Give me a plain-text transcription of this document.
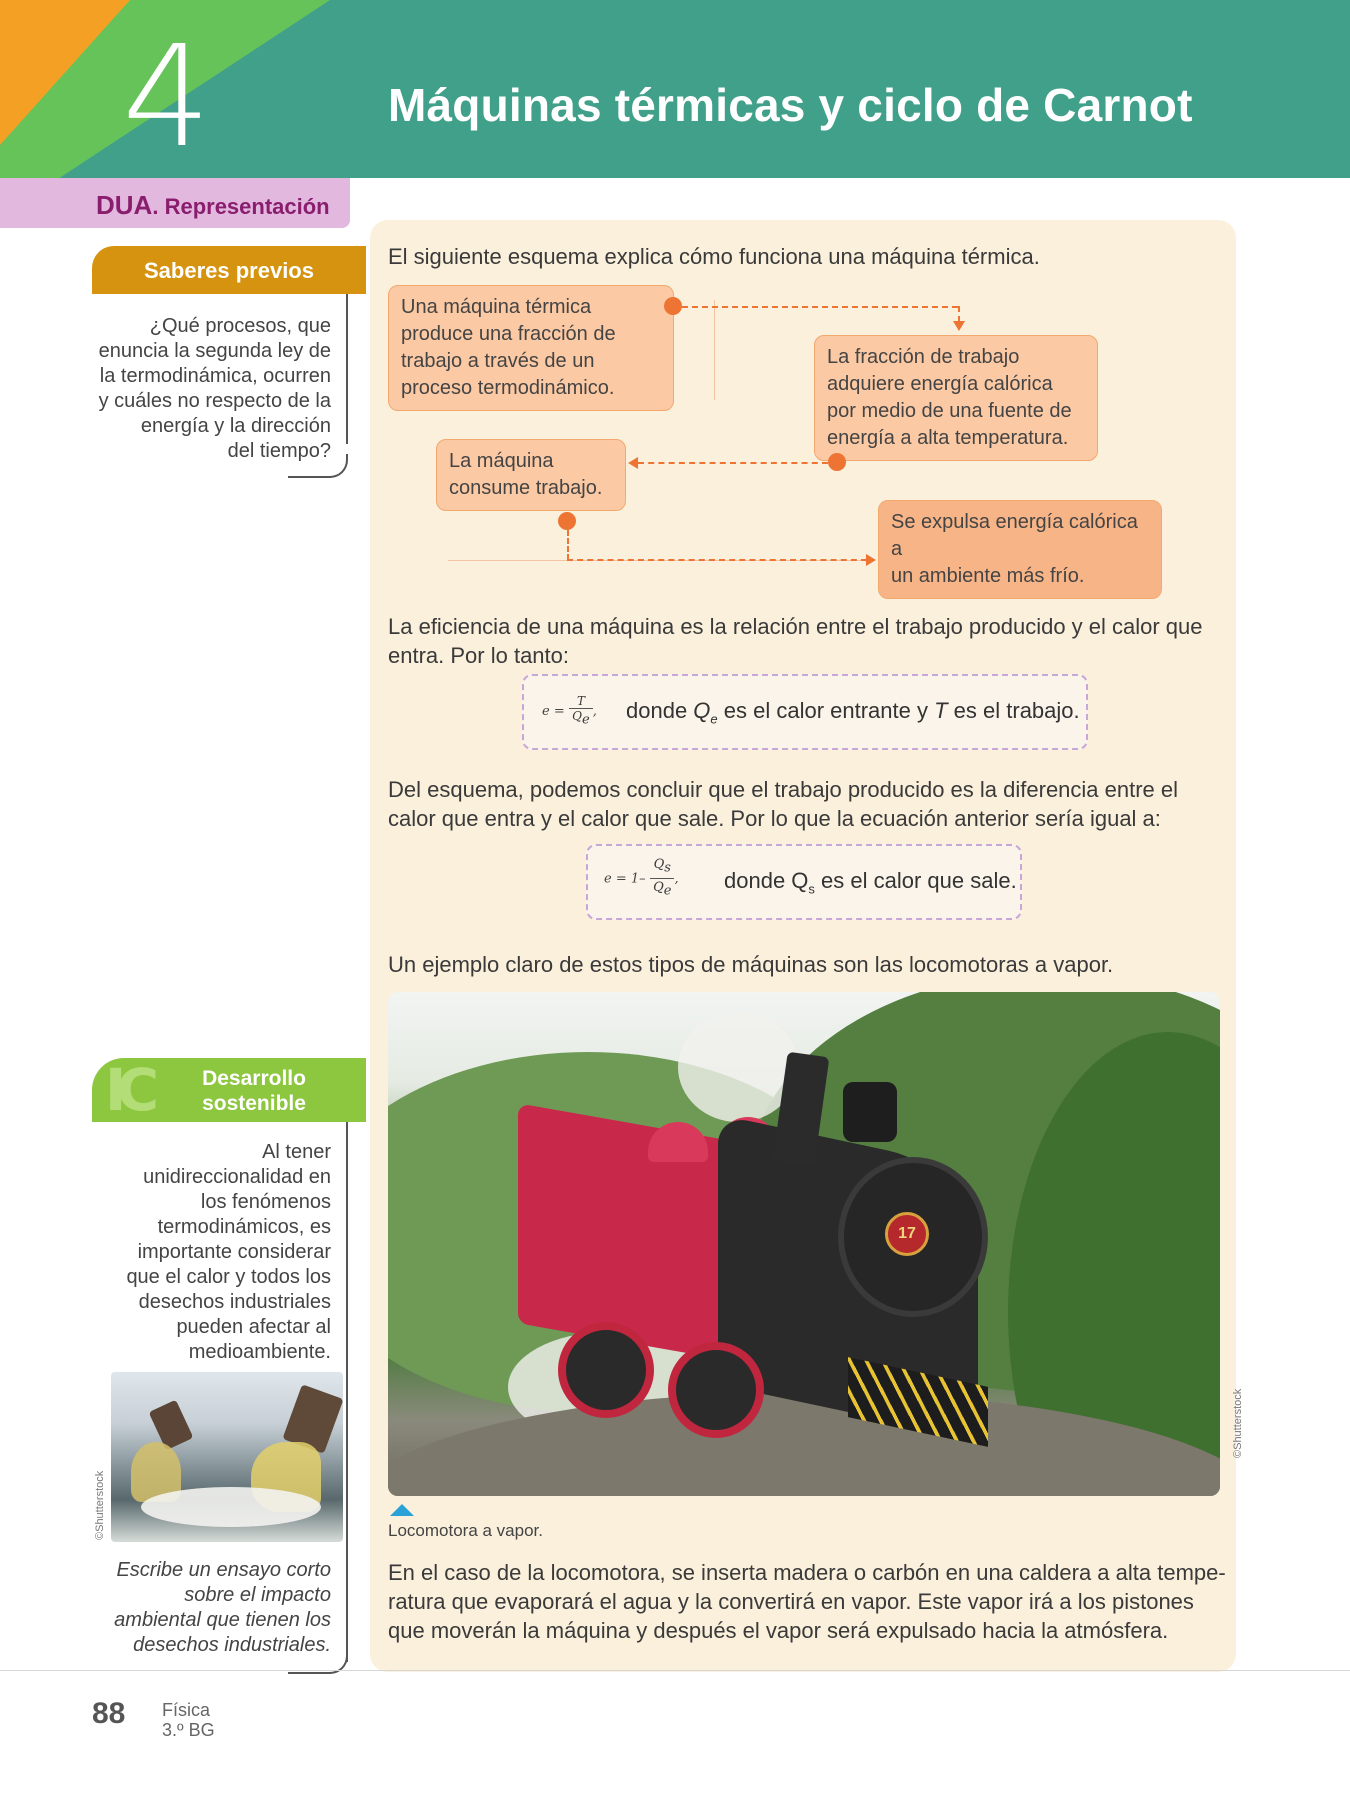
4	Máquinas térmicas y ciclo de Carnot
DUA. Representación
Saberes previos
¿Qué procesos, que
enuncia la segunda ley de
la termodinámica, ocurren
y cuáles no respecto de la
energía y la dirección
del tiempo?
IC	Desarrollo
sostenible
Al tener
unidireccionalidad en
los fenómenos
termodinámicos, es
importante considerar
que el calor y todos los
desechos industriales
pueden afectar al
medioambiente.
©Shutterstock
Escribe un ensayo corto
sobre el impacto
ambiental que tienen los
desechos industriales.
El siguiente esquema explica cómo funciona una máquina térmica.
Una máquina térmica
produce una fracción de
trabajo a través de un
proceso termodinámico.
La fracción de trabajo
adquiere energía calórica
por medio de una fuente de
energía a alta temperatura.
La máquina
consume trabajo.
Se expulsa energía calórica a
un ambiente más frío.
La eficiencia de una máquina es la relación entre el trabajo producido y el calor que
entra. Por lo tanto:
$e = \frac{T}{Q_e}$ , donde $Q_e$ es el calor entrante y T es el trabajo.
Del esquema, podemos concluir que el trabajo producido es la diferencia entre el
calor que entra y el calor que sale. Por lo que la ecuación anterior sería igual a:
$e = 1- \frac{Q_s}{Q_e}$ , donde $Q_s$ es el calor que sale.
Un ejemplo claro de estos tipos de máquinas son las locomotoras a vapor.
17
©Shutterstock
Locomotora a vapor.
En el caso de la locomotora, se inserta madera o carbón en una caldera a alta tempe-
ratura que evaporará el agua y la convertirá en vapor. Este vapor irá a los pistones
que moverán la máquina y después el vapor será expulsado hacia la atmósfera.
88 Física
3.º BG
